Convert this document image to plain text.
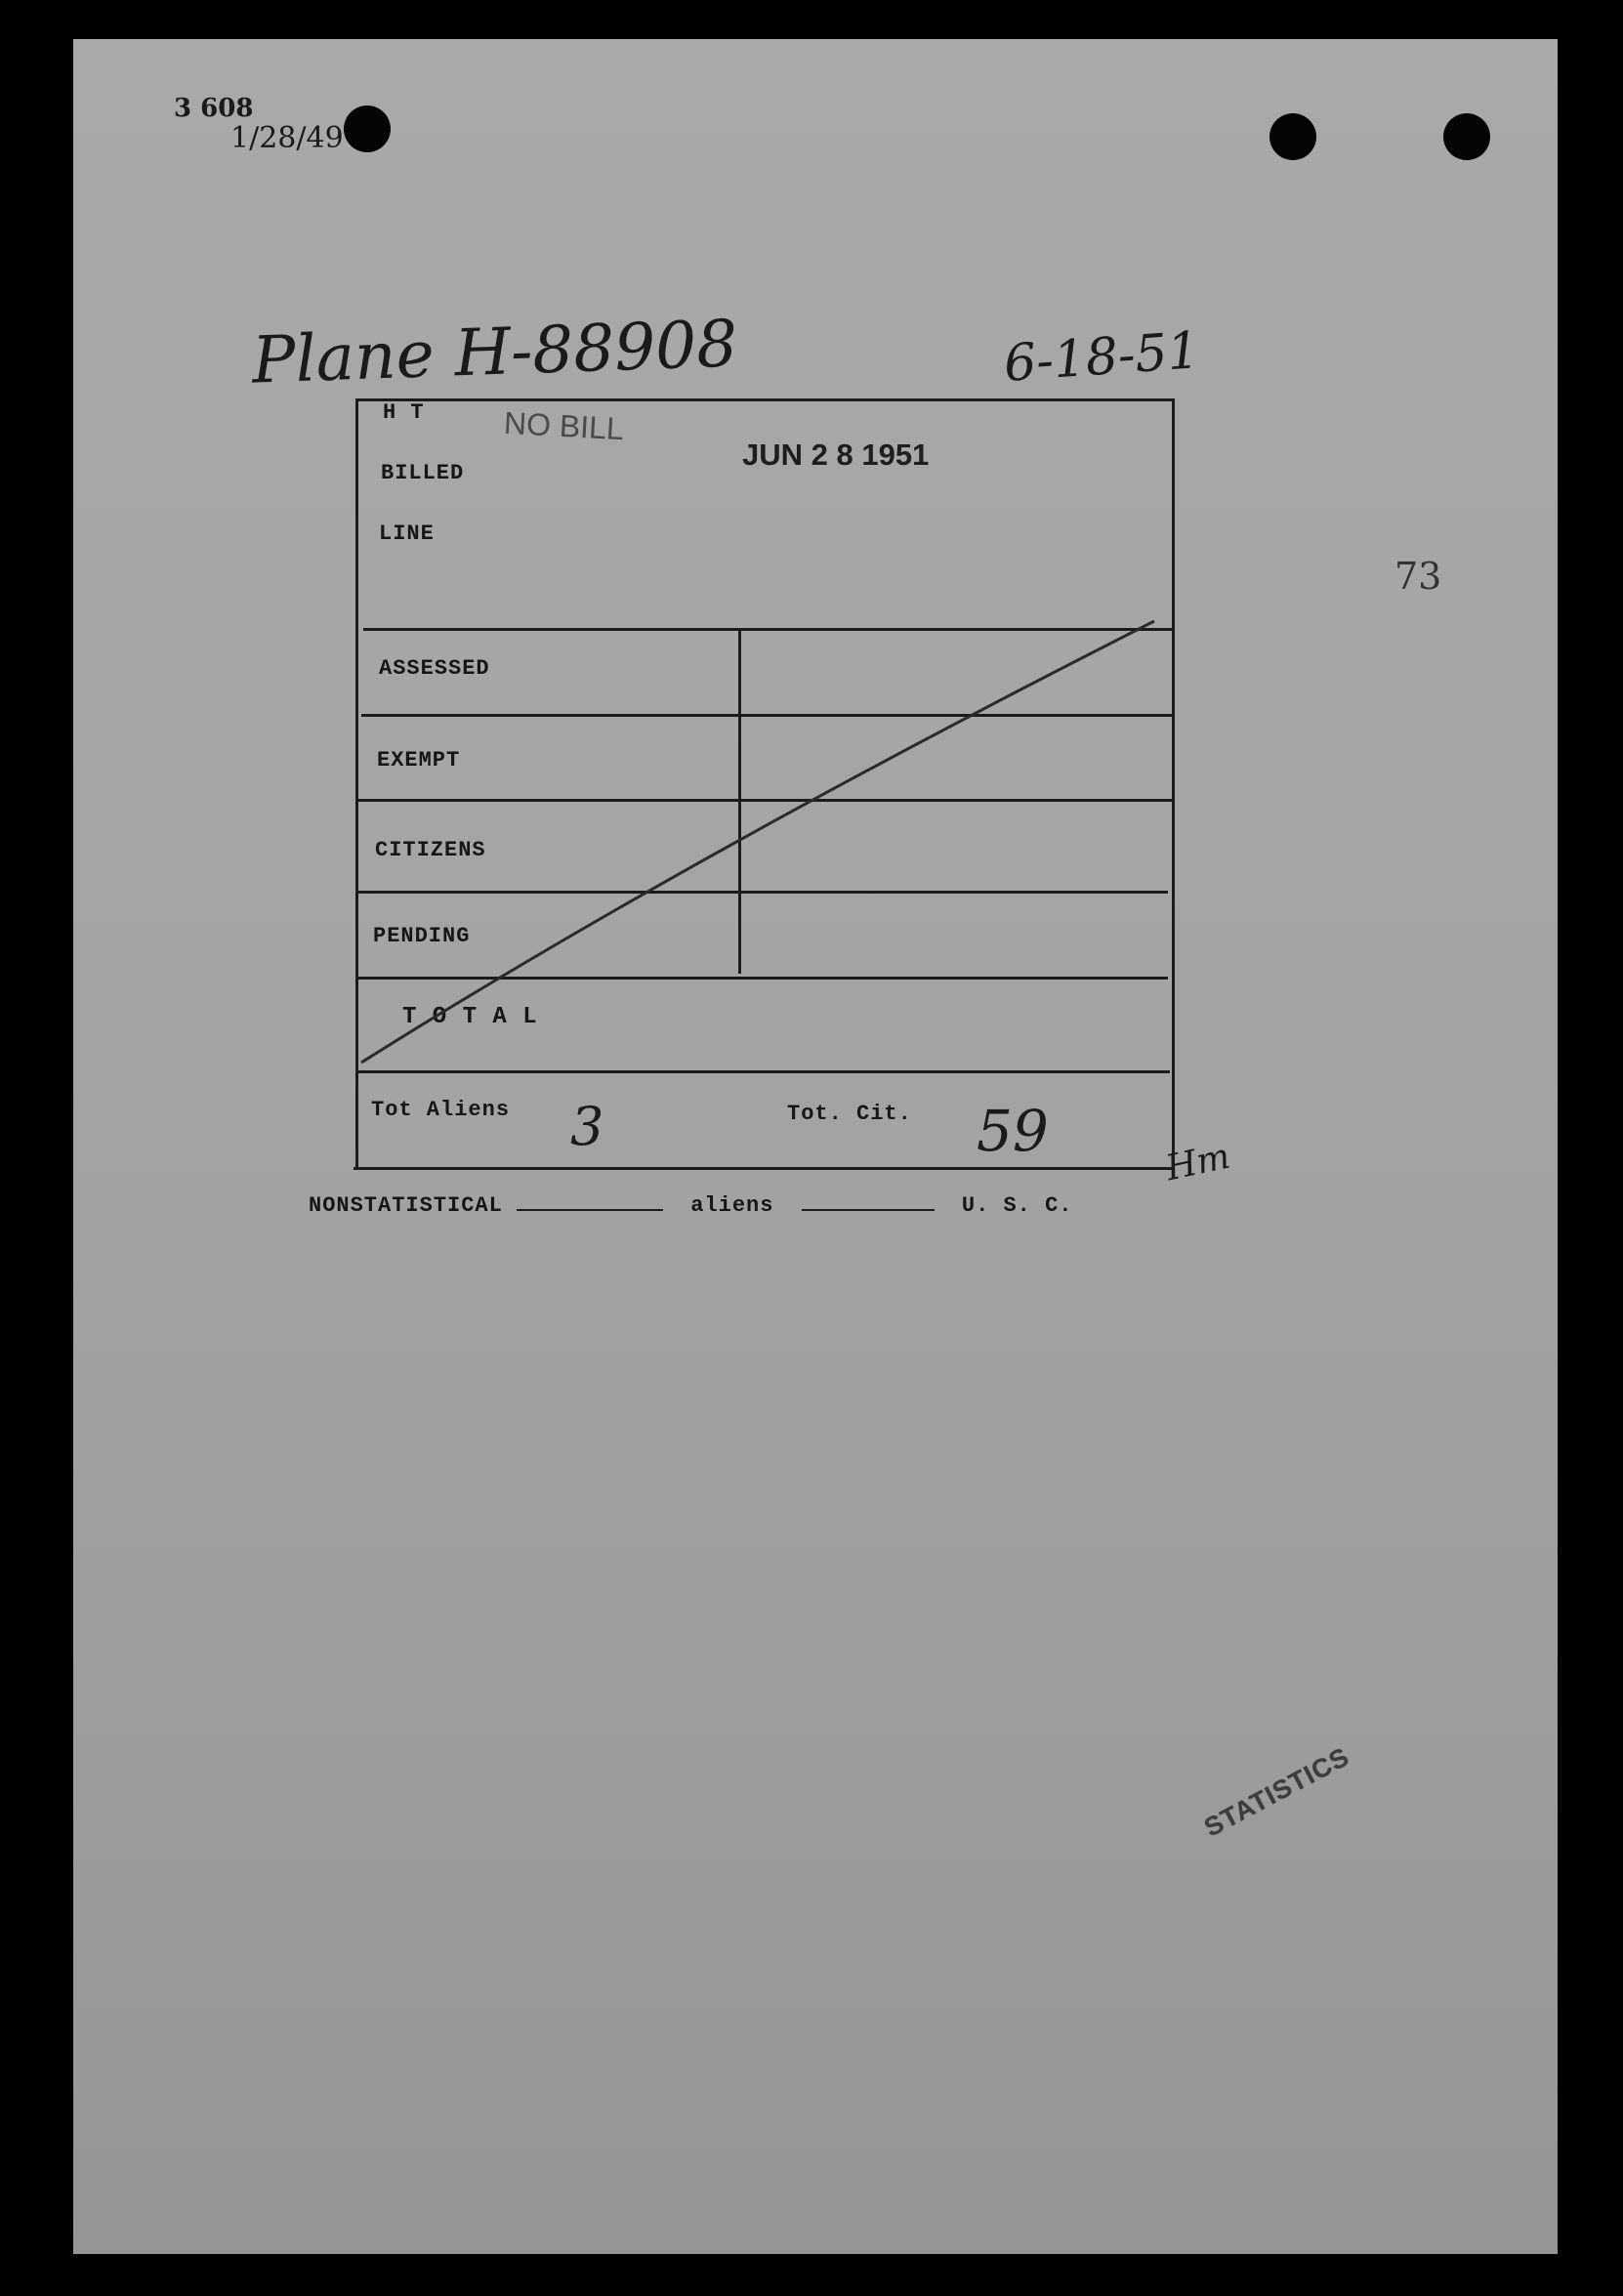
3 608
1/28/49
Plane H-88908	6-18-51
73
H T
BILLED
LINE
NO BILL
JUN 2 8 1951
ASSESSED
EXEMPT
CITIZENS
PENDING
T O T A L
Tot Aliens 3	Tot. Cit. 59	Hm
NONSTATISTICAL	aliens	U. S. C.
STATISTICS
